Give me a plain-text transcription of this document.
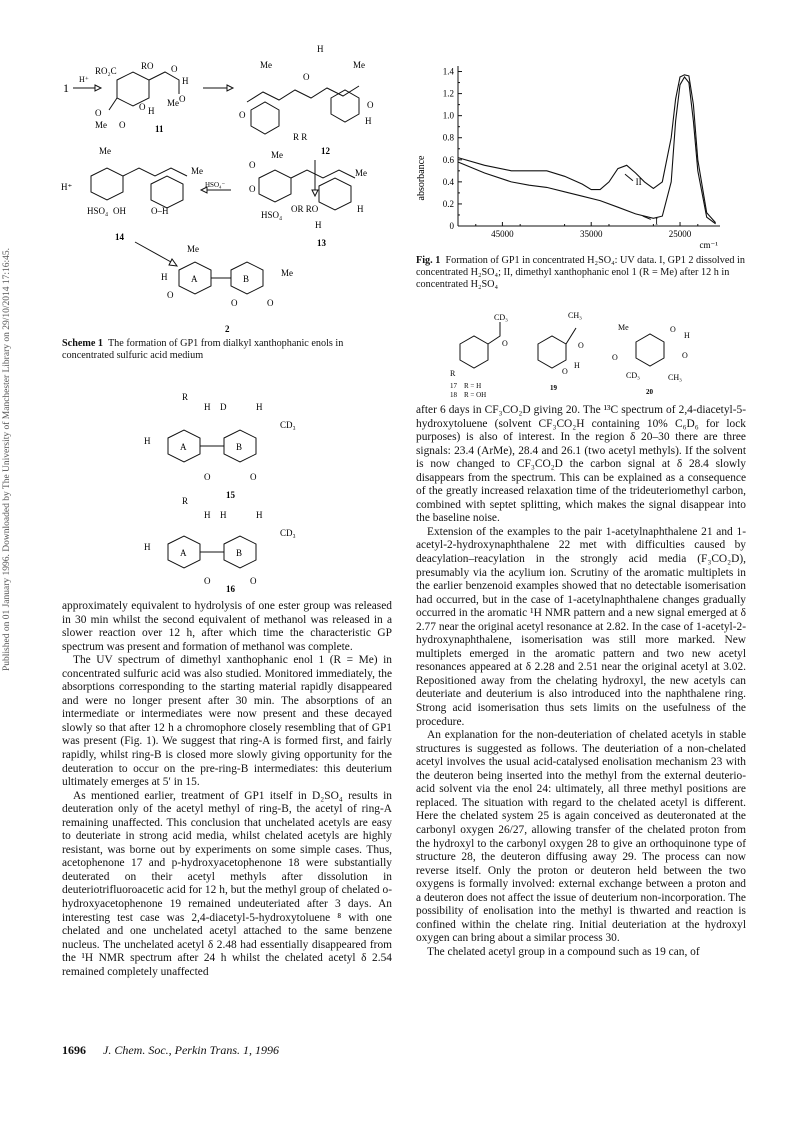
Published on 01 January 1996. Downloaded by The University of Manchester Library on 29/10/2014 17:16:45.
1
H⁺
RO₂C	RO O
H
O
O
Me O
O H
Me
11
Me	Me
O
H
O
O
H
R R
12
Me
H⁺
Me
HSO₄ OH	O–H
HSO₄⁻
14
Me
Me
O
O
HSO₄
OR RO	H
H
13
Me
H	A	B
Me
O
O	O
2
Scheme 1 The formation of GP1 from dialkyl xanthophanic enols in concentrated sulfuric acid medium
R
H
H D	H
A	B
CD₃
O	O
15
R
H
H H	H
A	B
CD₃
O	O
16
absorbance
cm⁻¹
0
0.2
0.4
0.6
0.8
1.0
1.2
1.4
45000	35000	25000
I
II
Fig. 1 Formation of GP1 in concentrated H₂SO₄: UV data. I, GP1 2 dissolved in concentrated H₂SO₄; II, dimethyl xanthophanic enol 1 (R = Me) after 12 h in concentrated H₂SO₄
CD₃
O
R
17 R = H
18 R = OH
CH₃
O
O
H
19
Me	O
H
O
O
CD₃	CH₃
20

approximately equivalent to hydrolysis of one ester group was released in 30 min whilst the second equivalent of methanol was released in a slower reaction over 12 h, after which time the characteristic GP spectrum was present and formation of methanol was complete.

The UV spectrum of dimethyl xanthophanic enol 1 (R = Me) in concentrated sulfuric acid was also studied. Monitored immediately, the absorptions corresponding to the starting material rapidly disappeared and were no longer present after 30 min. The absorptions of an intermediate or intermediates were now present and these decayed slowly so that after 12 h a chromophore closely resembling that of GP1 was present (Fig. 1). We suggest that ring-A is formed first, and fairly rapidly, whilst ring-B is closed more slowly giving opportunity for the deuteration to occur on the pre-ring-B intermediates: this deuterium ultimately emerges at 5′ in 15.

As mentioned earlier, treatment of GP1 itself in D₂SO₄ results in deuteration only of the acetyl methyl of ring-B, the acetyl of ring-A remaining unaffected. This conclusion that unchelated acetyls are easy to deuteriate in strong acid media, whilst chelated acetyls are highly resistant, was borne out by experiments on some simple cases. Thus, acetophenone 17 and p-hydroxyacetophenone 18 were substantially deuterated on their acetyl methyls after dissolution in deuteriotrifluoroacetic acid for 12 h, but the methyl group of chelated o-hydroxyacetophenone 19 remained undeuteriated after 3 days. An interesting test case was 2,4-diacetyl-5-hydroxytoluene ⁸ with one chelated and one unchelated acetyl attached to the same benzene nucleus. The unchelated acetyl δ 2.48 had essentially disappeared from the ¹H NMR spectrum after 24 h whilst the chelated acetyl δ 2.54 remained completely unaffected

after 6 days in CF₃CO₂D giving 20. The ¹³C spectrum of 2,4-diacetyl-5-hydroxytoluene (solvent CF₃CO₂H containing 10% C₆D₆ for lock purposes) is also of interest. In the region δ 20–30 there are three signals: 23.4 (ArMe), 28.4 and 26.1 (two acetyl methyls). If the solvent is now changed to CF₃CO₂D the carbon signal at δ 28.4 slowly disappears from the spectrum. This can be explained as a consequence of the greatly increased relaxation time of the trideuteriomethyl carbon, combined with septet splitting, which makes the signal disappear into the baseline noise.

Extension of the examples to the pair 1-acetylnaphthalene 21 and 1-acetyl-2-hydroxynaphthalene 22 met with difficulties caused by deacylation–reacylation in the strongly acid media (F₃CO₂D), presumably via the acylium ion. Scrutiny of the aromatic multiplets in the earlier benzenoid examples showed that no detectable isomerisation had occurred, but in the case of 1-acetylnaphthalene changes gradually occurred in the aromatic ¹H NMR pattern and a new signal emerged at δ 2.77 near the original acetyl resonance at 2.82. In the case of 1-acetyl-2-hydroxynaphthalene, isomerisation was still more marked. New multiplets emerged in the aromatic pattern and two new acetyl resonances appeared at δ 2.28 and 2.51 near the original acetyl at 3.02. Repositioned away from the chelating hydroxyl, the new acetyls can deuteriate and deuterium is also introduced into the naphthalene ring. Strong acid isomerisation thus sets limits on the usefulness of the procedure.

An explanation for the non-deuteriation of chelated acetyls in stable structures is suggested as follows. The deuteriation of a non-chelated acetyl involves the usual acid-catalysed enolisation mechanism 23 with the deuteron being inserted into the methyl from the external deuterio-acid solvent via the enol 24: ultimately, all three methyl positions are replaced. The situation with regard to the chelated acetyl is different. Here the chelated system 25 is again conceived as deuteronated at the carbonyl oxygen 26/27, allowing transfer of the chelated proton from the hydroxyl to the carbonyl oxygen 28 to give an orthoquinone type of structure 28, the deuteron diffusing away 29. The process can now reverse itself. Only the proton or deuteron held between the two oxygens is formally involved: external exchange between a proton and a deuteron does not affect the issue of deuterium non-incorporation. The possibility of enolisation into the methyl is thwarted and reaction is confined within the chelate ring. Initial deuteriation at the hydroxyl oxygen can bring about a similar process 30.

The chelated acetyl group in a compound such as 19 can, of

1696 J. Chem. Soc., Perkin Trans. 1, 1996
